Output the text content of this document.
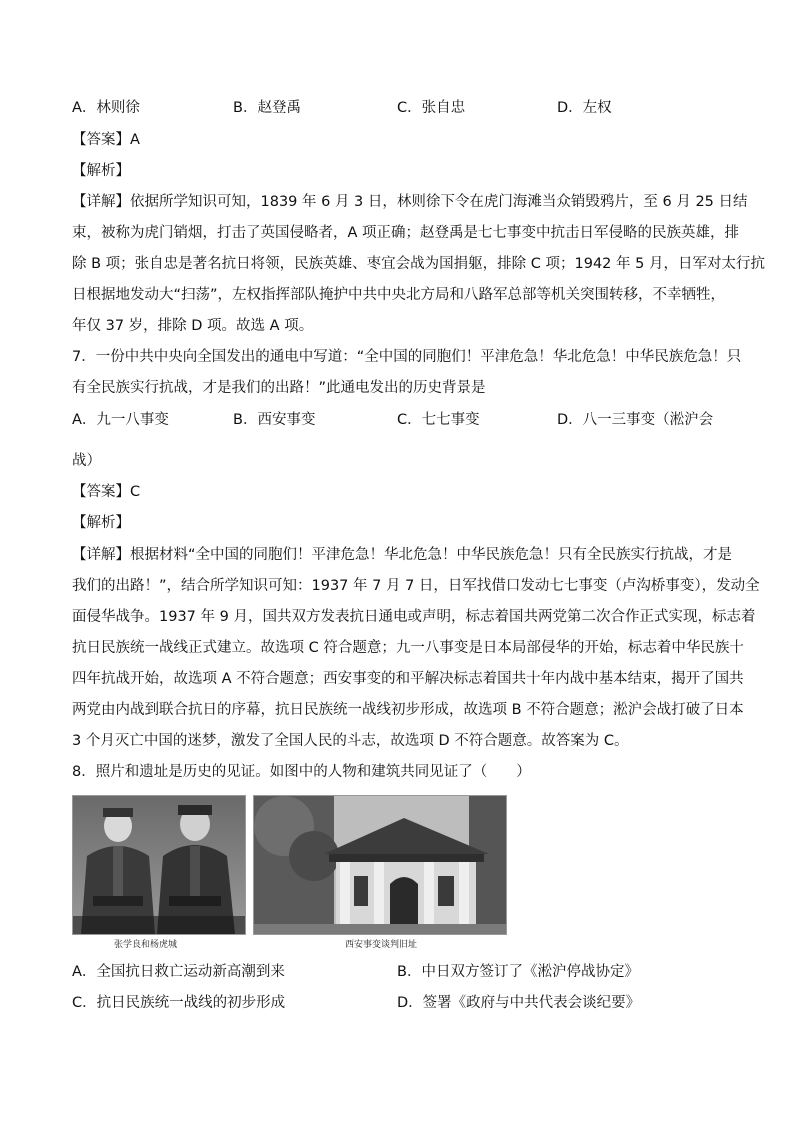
A．林则徐	B．赵登禹	C．张自忠	D．左权
【答案】A
【解析】
【详解】依据所学知识可知，1839 年 6 月 3 日，林则徐下令在虎门海滩当众销毁鸦片，至 6 月 25 日结
束，被称为虎门销烟，打击了英国侵略者，A 项正确；赵登禹是七七事变中抗击日军侵略的民族英雄，排
除 B 项；张自忠是著名抗日将领，民族英雄、枣宜会战为国捐躯，排除 C 项；1942 年 5 月，日军对太行抗
日根据地发动大“扫荡”，左权指挥部队掩护中共中央北方局和八路军总部等机关突围转移，不幸牺牲，
年仅 37 岁，排除 D 项。故选 A 项。
7．一份中共中央向全国发出的通电中写道：“全中国的同胞们！平津危急！华北危急！中华民族危急！只
有全民族实行抗战，才是我们的出路！”此通电发出的历史背景是
A．九一八事变	B．西安事变	C．七七事变	D．八一三事变（淞沪会
战）
【答案】C
【解析】
【详解】根据材料“全中国的同胞们！平津危急！华北危急！中华民族危急！只有全民族实行抗战，才是
我们的出路！”，结合所学知识可知：1937 年 7 月 7 日，日军找借口发动七七事变（卢沟桥事变），发动全
面侵华战争。1937 年 9 月，国共双方发表抗日通电或声明，标志着国共两党第二次合作正式实现，标志着
抗日民族统一战线正式建立。故选项 C 符合题意；九一八事变是日本局部侵华的开始，标志着中华民族十
四年抗战开始，故选项 A 不符合题意；西安事变的和平解决标志着国共十年内战中基本结束，揭开了国共
两党由内战到联合抗日的序幕，抗日民族统一战线初步形成，故选项 B 不符合题意；淞沪会战打破了日本
3 个月灭亡中国的迷梦，激发了全国人民的斗志，故选项 D 不符合题意。故答案为 C。
8．照片和遗址是历史的见证。如图中的人物和建筑共同见证了（　　）
张学良和杨虎城	西安事变谈判旧址
A．全国抗日救亡运动新高潮到来	B．中日双方签订了《淞沪停战协定》
C．抗日民族统一战线的初步形成	D．签署《政府与中共代表会谈纪要》
